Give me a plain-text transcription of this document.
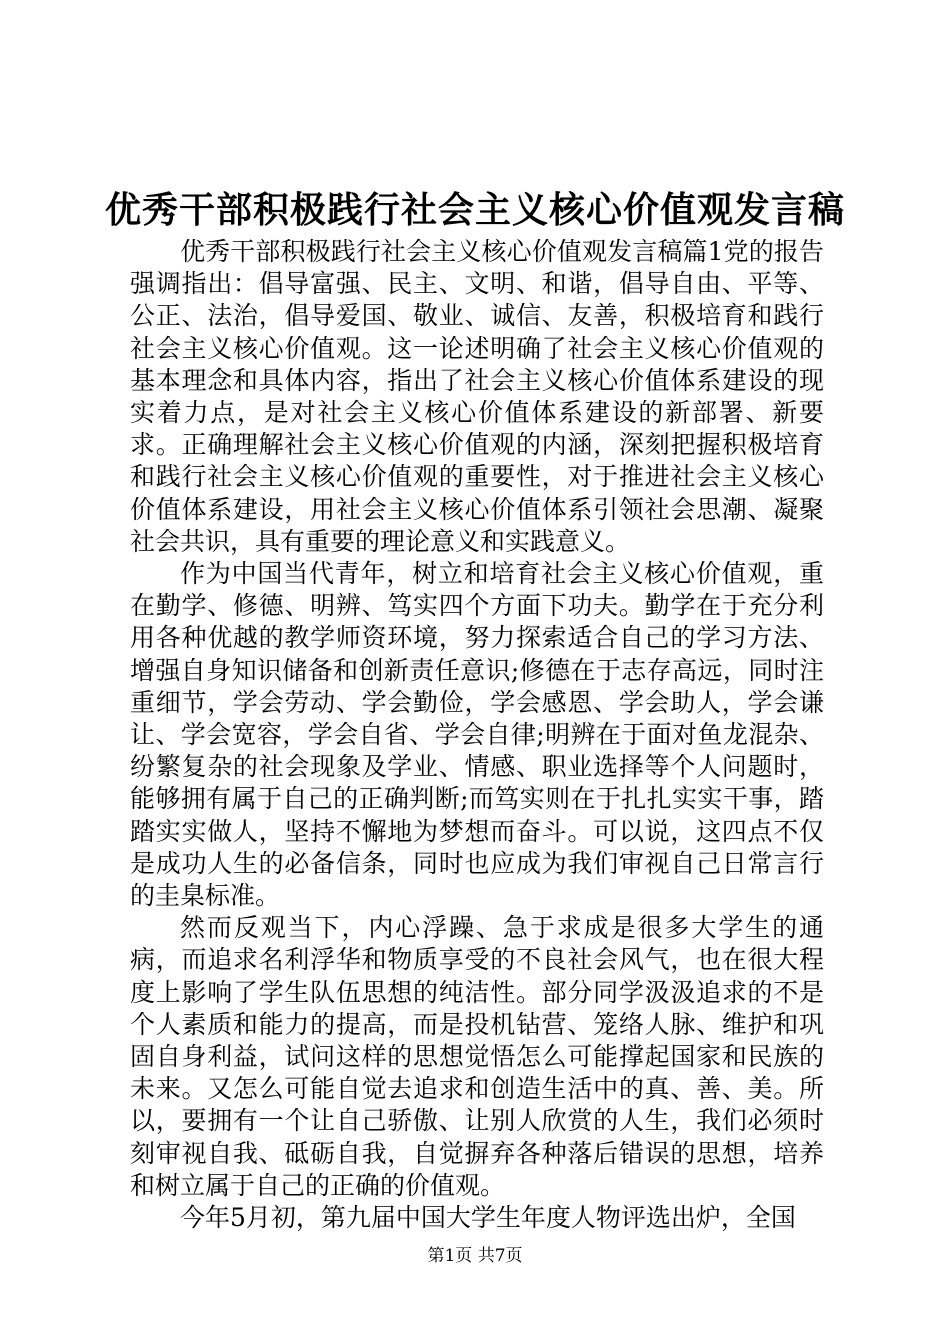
优秀干部积极践行社会主义核心价值观发言稿

优秀干部积极践行社会主义核心价值观发言稿篇1党的报告强调指出：倡导富强、民主、文明、和谐，倡导自由、平等、公正、法治，倡导爱国、敬业、诚信、友善，积极培育和践行社会主义核心价值观。这一论述明确了社会主义核心价值观的基本理念和具体内容，指出了社会主义核心价值体系建设的现实着力点，是对社会主义核心价值体系建设的新部署、新要求。正确理解社会主义核心价值观的内涵，深刻把握积极培育和践行社会主义核心价值观的重要性，对于推进社会主义核心价值体系建设，用社会主义核心价值体系引领社会思潮、凝聚社会共识，具有重要的理论意义和实践意义。

作为中国当代青年，树立和培育社会主义核心价值观，重在勤学、修德、明辨、笃实四个方面下功夫。勤学在于充分利用各种优越的教学师资环境，努力探索适合自己的学习方法、增强自身知识储备和创新责任意识;修德在于志存高远，同时注重细节，学会劳动、学会勤俭，学会感恩、学会助人，学会谦让、学会宽容，学会自省、学会自律;明辨在于面对鱼龙混杂、纷繁复杂的社会现象及学业、情感、职业选择等个人问题时，能够拥有属于自己的正确判断;而笃实则在于扎扎实实干事，踏踏实实做人，坚持不懈地为梦想而奋斗。可以说，这四点不仅是成功人生的必备信条，同时也应成为我们审视自己日常言行的圭臬标准。

然而反观当下，内心浮躁、急于求成是很多大学生的通病，而追求名利浮华和物质享受的不良社会风气，也在很大程度上影响了学生队伍思想的纯洁性。部分同学汲汲追求的不是个人素质和能力的提高，而是投机钻营、笼络人脉、维护和巩固自身利益，试问这样的思想觉悟怎么可能撑起国家和民族的未来。又怎么可能自觉去追求和创造生活中的真、善、美。所以，要拥有一个让自己骄傲、让别人欣赏的人生，我们必须时刻审视自我、砥砺自我，自觉摒弃各种落后错误的思想，培养和树立属于自己的正确的价值观。

今年5月初，第九届中国大学生年度人物评选出炉，全国

第1页 共7页
